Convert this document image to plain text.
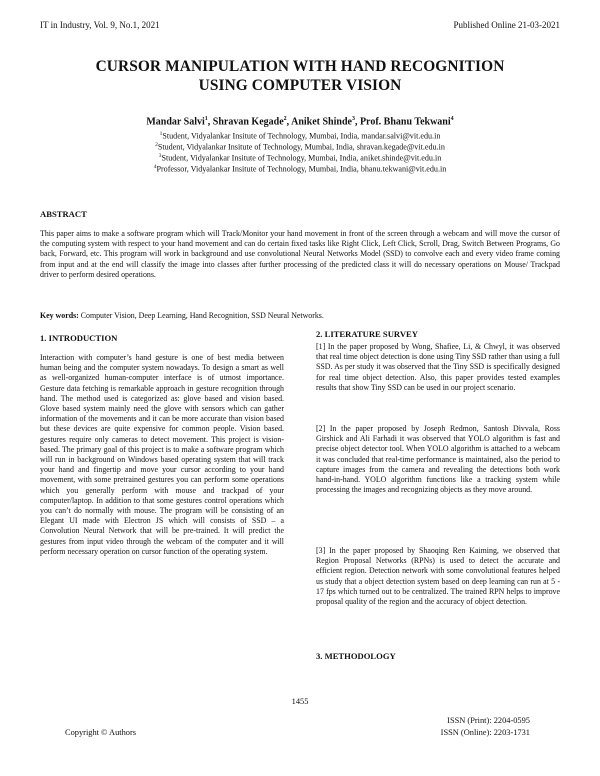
IT in Industry, Vol. 9, No.1, 2021	Published Online 21-03-2021
CURSOR MANIPULATION WITH HAND RECOGNITION
USING COMPUTER VISION
Mandar Salvi$^1$, Shravan Kegade$^2$, Aniket Shinde$^3$, Prof. Bhanu Tekwani$^4$
$^1$Student, Vidyalankar Insitute of Technology, Mumbai, India, mandar.salvi@vit.edu.in
$^2$Student, Vidyalankar Insitute of Technology, Mumbai, India, shravan.kegade@vit.edu.in
$^3$Student, Vidyalankar Insitute of Technology, Mumbai, India, aniket.shinde@vit.edu.in
$^4$Professor, Vidyalankar Insitute of Technology, Mumbai, India, bhanu.tekwani@vit.edu.in
ABSTRACT
This paper aims to make a software program which will Track/Monitor your hand movement in front of the screen through a webcam and will move the cursor of the computing system with respect to your hand movement and can do certain fixed tasks like Right Click, Left Click, Scroll, Drag, Switch Between Programs, Go back, Forward, etc. This program will work in background and use convolutional Neural Networks Model (SSD) to convolve each and every video frame coming from input and at the end will classify the image into classes after further processing of the predicted class it will do necessary operations on Mouse/ Trackpad driver to perform desired operations.
Key words: Computer Vision, Deep Learning, Hand Recognition, SSD Neural Networks.
1. INTRODUCTION
Interaction with computer’s hand gesture is one of best media between human being and the computer system nowadays. To design a smart as well as well-organized human-computer interface is of utmost importance. Gesture data fetching is remarkable approach in gesture recognition through hand. The method used is categorized as: glove based and vision based. Glove based system mainly need the glove with sensors which can gather information of the movements and it can be more accurate than vision based but these devices are quite expensive for common people. Vision based. gestures require only cameras to detect movement. This project is vision-based. The primary goal of this project is to make a software program which will run in background on Windows based operating system that will track your hand and fingertip and move your cursor according to your hand movement, with some pretrained gestures you can perform some operations which you generally perform with mouse and trackpad of your computer/laptop. In addition to that some gestures control operations which you can’t do normally with mouse. The program will be consisting of an Elegant UI made with Electron JS which will consists of SSD – a Convolution Neural Network that will be pre-trained. It will predict the gestures from input video through the webcam of the computer and it will perform necessary operation on cursor function of the operating system.
2. LITERATURE SURVEY
[1] In the paper proposed by Wong, Shafiee, Li, & Chwyl, it was observed that real time object detection is done using Tiny SSD rather than using a full SSD. As per study it was observed that the Tiny SSD is specifically designed for real time object detection. Also, this paper provides tested examples results that show Tiny SSD can be used in our project scenario.
[2] In the paper proposed by Joseph Redmon, Santosh Divvala, Ross Girshick and Ali Farhadi it was observed that YOLO algorithm is fast and precise object detector tool. When YOLO algorithm is attached to a webcam it was concluded that real-time performance is maintained, also the period to capture images from the camera and revealing the detections both work hand-in-hand. YOLO algorithm functions like a tracking system while processing the images and recognizing objects as they move around.
[3] In the paper proposed by Shaoqing Ren Kaiming, we observed that Region Proposal Networks (RPNs) is used to detect the accurate and efficient region. Detection network with some convolutional features helped us study that a object detection system based on deep learning can run at 5 - 17 fps which turned out to be centralized. The trained RPN helps to improve proposal quality of the region and the accuracy of object detection.
3. METHODOLOGY
1455
Copyright © Authors
ISSN (Print): 2204-0595
ISSN (Online): 2203-1731
